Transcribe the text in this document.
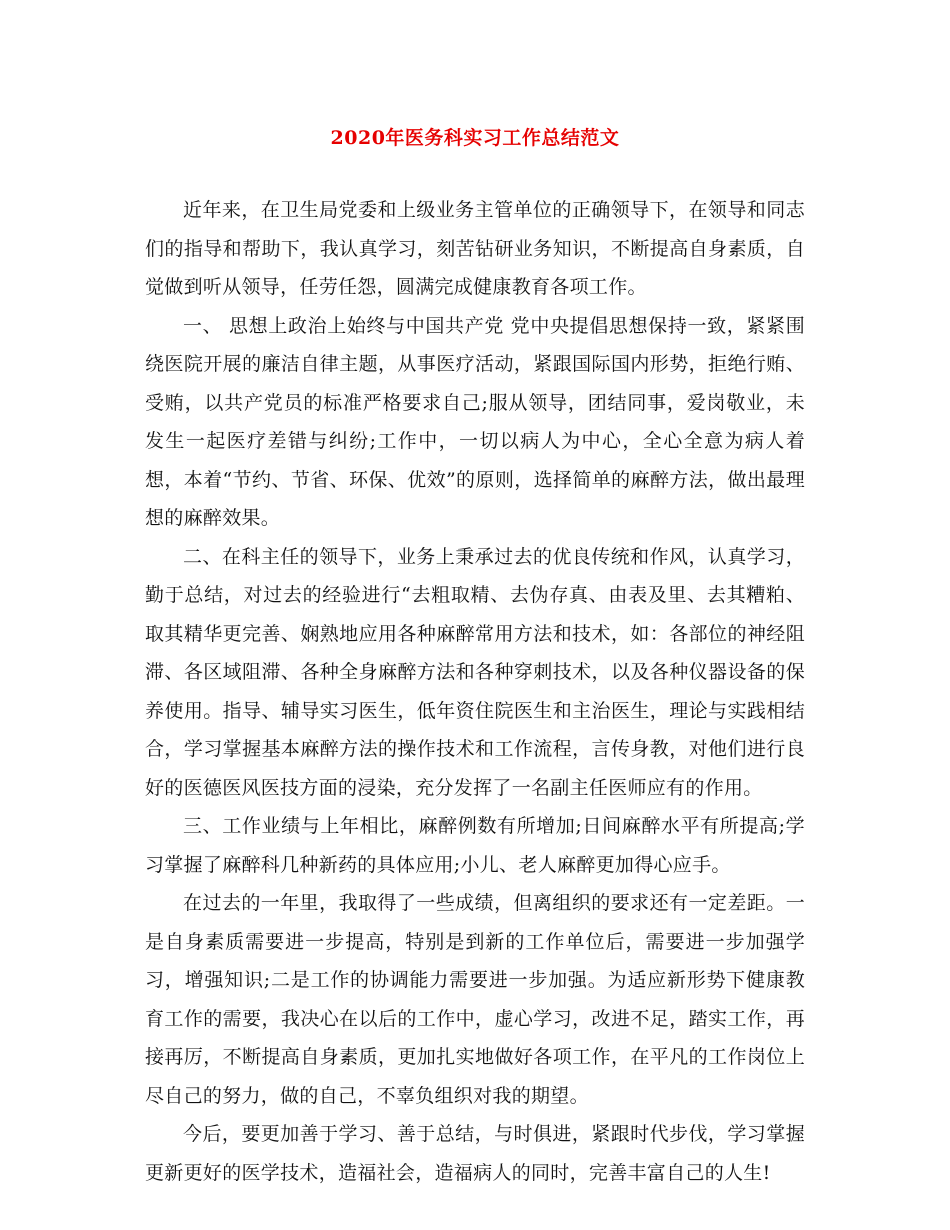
2020年医务科实习工作总结范文

近年来，在卫生局党委和上级业务主管单位的正确领导下，在领导和同志们的指导和帮助下，我认真学习，刻苦钻研业务知识，不断提高自身素质，自觉做到听从领导，任劳任怨，圆满完成健康教育各项工作。

一、 思想上政治上始终与中国共产党 党中央提倡思想保持一致，紧紧围绕医院开展的廉洁自律主题，从事医疗活动，紧跟国际国内形势，拒绝行贿、受贿，以共产党员的标准严格要求自己;服从领导，团结同事，爱岗敬业，未发生一起医疗差错与纠纷;工作中，一切以病人为中心，全心全意为病人着想，本着“节约、节省、环保、优效”的原则，选择简单的麻醉方法，做出最理想的麻醉效果。

二、在科主任的领导下，业务上秉承过去的优良传统和作风，认真学习，勤于总结，对过去的经验进行“去粗取精、去伪存真、由表及里、去其糟粕、取其精华更完善、娴熟地应用各种麻醉常用方法和技术，如：各部位的神经阻滞、各区域阻滞、各种全身麻醉方法和各种穿刺技术，以及各种仪器设备的保养使用。指导、辅导实习医生，低年资住院医生和主治医生，理论与实践相结合，学习掌握基本麻醉方法的操作技术和工作流程，言传身教，对他们进行良好的医德医风医技方面的浸染，充分发挥了一名副主任医师应有的作用。

三、工作业绩与上年相比，麻醉例数有所增加;日间麻醉水平有所提高;学习掌握了麻醉科几种新药的具体应用;小儿、老人麻醉更加得心应手。

在过去的一年里，我取得了一些成绩，但离组织的要求还有一定差距。一是自身素质需要进一步提高，特别是到新的工作单位后，需要进一步加强学习，增强知识;二是工作的协调能力需要进一步加强。为适应新形势下健康教育工作的需要，我决心在以后的工作中，虚心学习，改进不足，踏实工作，再接再厉，不断提高自身素质，更加扎实地做好各项工作，在平凡的工作岗位上尽自己的努力，做的自己，不辜负组织对我的期望。

今后，要更加善于学习、善于总结，与时俱进，紧跟时代步伐，学习掌握更新更好的医学技术，造福社会，造福病人的同时，完善丰富自己的人生!
